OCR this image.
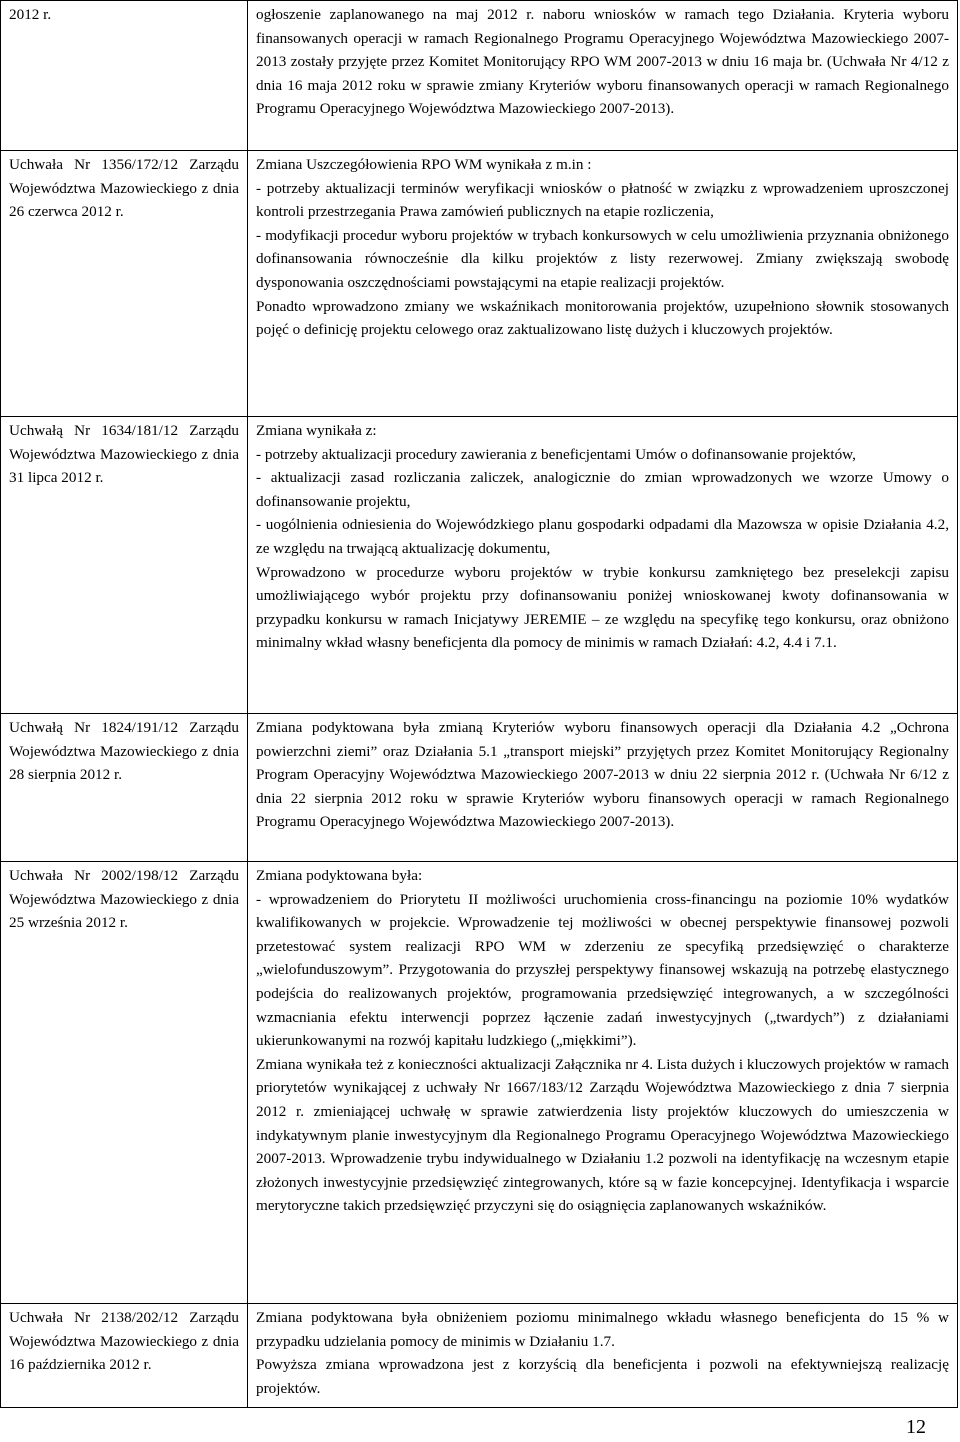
2012 r.	ogłoszenie zaplanowanego na maj 2012 r. naboru wniosków w ramach tego Działania. Kryteria wyboru finansowanych operacji w ramach Regionalnego Programu Operacyjnego Województwa Mazowieckiego 2007-2013 zostały przyjęte przez Komitet Monitorujący RPO WM 2007-2013 w dniu 16 maja br. (Uchwała Nr 4/12 z dnia 16 maja 2012 roku w sprawie zmiany Kryteriów wyboru finansowanych operacji w ramach Regionalnego Programu Operacyjnego Województwa Mazowieckiego 2007-2013).

Uchwała Nr 1356/172/12 Zarządu Województwa Mazowieckiego z dnia 26 czerwca 2012 r.	Zmiana Uszczegółowienia RPO WM wynikała z m.in :

- potrzeby aktualizacji terminów weryfikacji wniosków o płatność w związku z wprowadzeniem uproszczonej kontroli przestrzegania Prawa zamówień publicznych na etapie rozliczenia,

- modyfikacji procedur wyboru projektów w trybach konkursowych w celu umożliwienia przyznania obniżonego dofinansowania równocześnie dla kilku projektów z listy rezerwowej. Zmiany zwiększają swobodę dysponowania oszczędnościami powstającymi na etapie realizacji projektów.

Ponadto wprowadzono zmiany we wskaźnikach monitorowania projektów, uzupełniono słownik stosowanych pojęć o definicję projektu celowego oraz zaktualizowano listę dużych i kluczowych projektów.

Uchwałą Nr 1634/181/12 Zarządu Województwa Mazowieckiego z dnia 31 lipca 2012 r.	Zmiana wynikała z:

- potrzeby aktualizacji procedury zawierania z beneficjentami Umów o dofinansowanie projektów,

- aktualizacji zasad rozliczania zaliczek, analogicznie do zmian wprowadzonych we wzorze Umowy o dofinansowanie projektu,

- uogólnienia odniesienia do Wojewódzkiego planu gospodarki odpadami dla Mazowsza w opisie Działania 4.2, ze względu na trwającą aktualizację dokumentu,

Wprowadzono w procedurze wyboru projektów w trybie konkursu zamkniętego bez preselekcji zapisu umożliwiającego wybór projektu przy dofinansowaniu poniżej wnioskowanej kwoty dofinansowania w przypadku konkursu w ramach Inicjatywy JEREMIE – ze względu na specyfikę tego konkursu, oraz obniżono minimalny wkład własny beneficjenta dla pomocy de minimis w ramach Działań: 4.2, 4.4 i 7.1.

Uchwałą Nr 1824/191/12 Zarządu Województwa Mazowieckiego z dnia 28 sierpnia 2012 r.	Zmiana podyktowana była zmianą Kryteriów wyboru finansowych operacji dla Działania 4.2 „Ochrona powierzchni ziemi” oraz Działania 5.1 „transport miejski” przyjętych przez Komitet Monitorujący Regionalny Program Operacyjny Województwa Mazowieckiego 2007-2013 w dniu 22 sierpnia 2012 r. (Uchwała Nr 6/12 z dnia 22 sierpnia 2012 roku w sprawie Kryteriów wyboru finansowych operacji w ramach Regionalnego Programu Operacyjnego Województwa Mazowieckiego 2007-2013).

Uchwała Nr 2002/198/12 Zarządu Województwa Mazowieckiego z dnia 25 września 2012 r.	Zmiana podyktowana była:

- wprowadzeniem do Priorytetu II możliwości uruchomienia cross-financingu na poziomie 10% wydatków kwalifikowanych w projekcie. Wprowadzenie tej możliwości w obecnej perspektywie finansowej pozwoli przetestować system realizacji RPO WM w zderzeniu ze specyfiką przedsięwzięć o charakterze „wielofunduszowym”. Przygotowania do przyszłej perspektywy finansowej wskazują na potrzebę elastycznego podejścia do realizowanych projektów, programowania przedsięwzięć integrowanych, a w szczególności wzmacniania efektu interwencji poprzez łączenie zadań inwestycyjnych („twardych”) z działaniami ukierunkowanymi na rozwój kapitału ludzkiego („miękkimi”).

Zmiana wynikała też z konieczności aktualizacji Załącznika nr 4. Lista dużych i kluczowych projektów w ramach priorytetów wynikającej z uchwały Nr 1667/183/12 Zarządu Województwa Mazowieckiego z dnia 7 sierpnia 2012 r. zmieniającej uchwałę w sprawie zatwierdzenia listy projektów kluczowych do umieszczenia w indykatywnym planie inwestycyjnym dla Regionalnego Programu Operacyjnego Województwa Mazowieckiego 2007-2013. Wprowadzenie trybu indywidualnego w Działaniu 1.2 pozwoli na identyfikację na wczesnym etapie złożonych inwestycyjnie przedsięwzięć zintegrowanych, które są w fazie koncepcyjnej. Identyfikacja i wsparcie merytoryczne takich przedsięwzięć przyczyni się do osiągnięcia zaplanowanych wskaźników.

Uchwała Nr 2138/202/12 Zarządu Województwa Mazowieckiego z dnia 16 października 2012 r.	Zmiana podyktowana była obniżeniem poziomu minimalnego wkładu własnego beneficjenta do 15 % w przypadku udzielania pomocy de minimis w Działaniu 1.7.

Powyższa zmiana wprowadzona jest z korzyścią dla beneficjenta i pozwoli na efektywniejszą realizację projektów.

12
